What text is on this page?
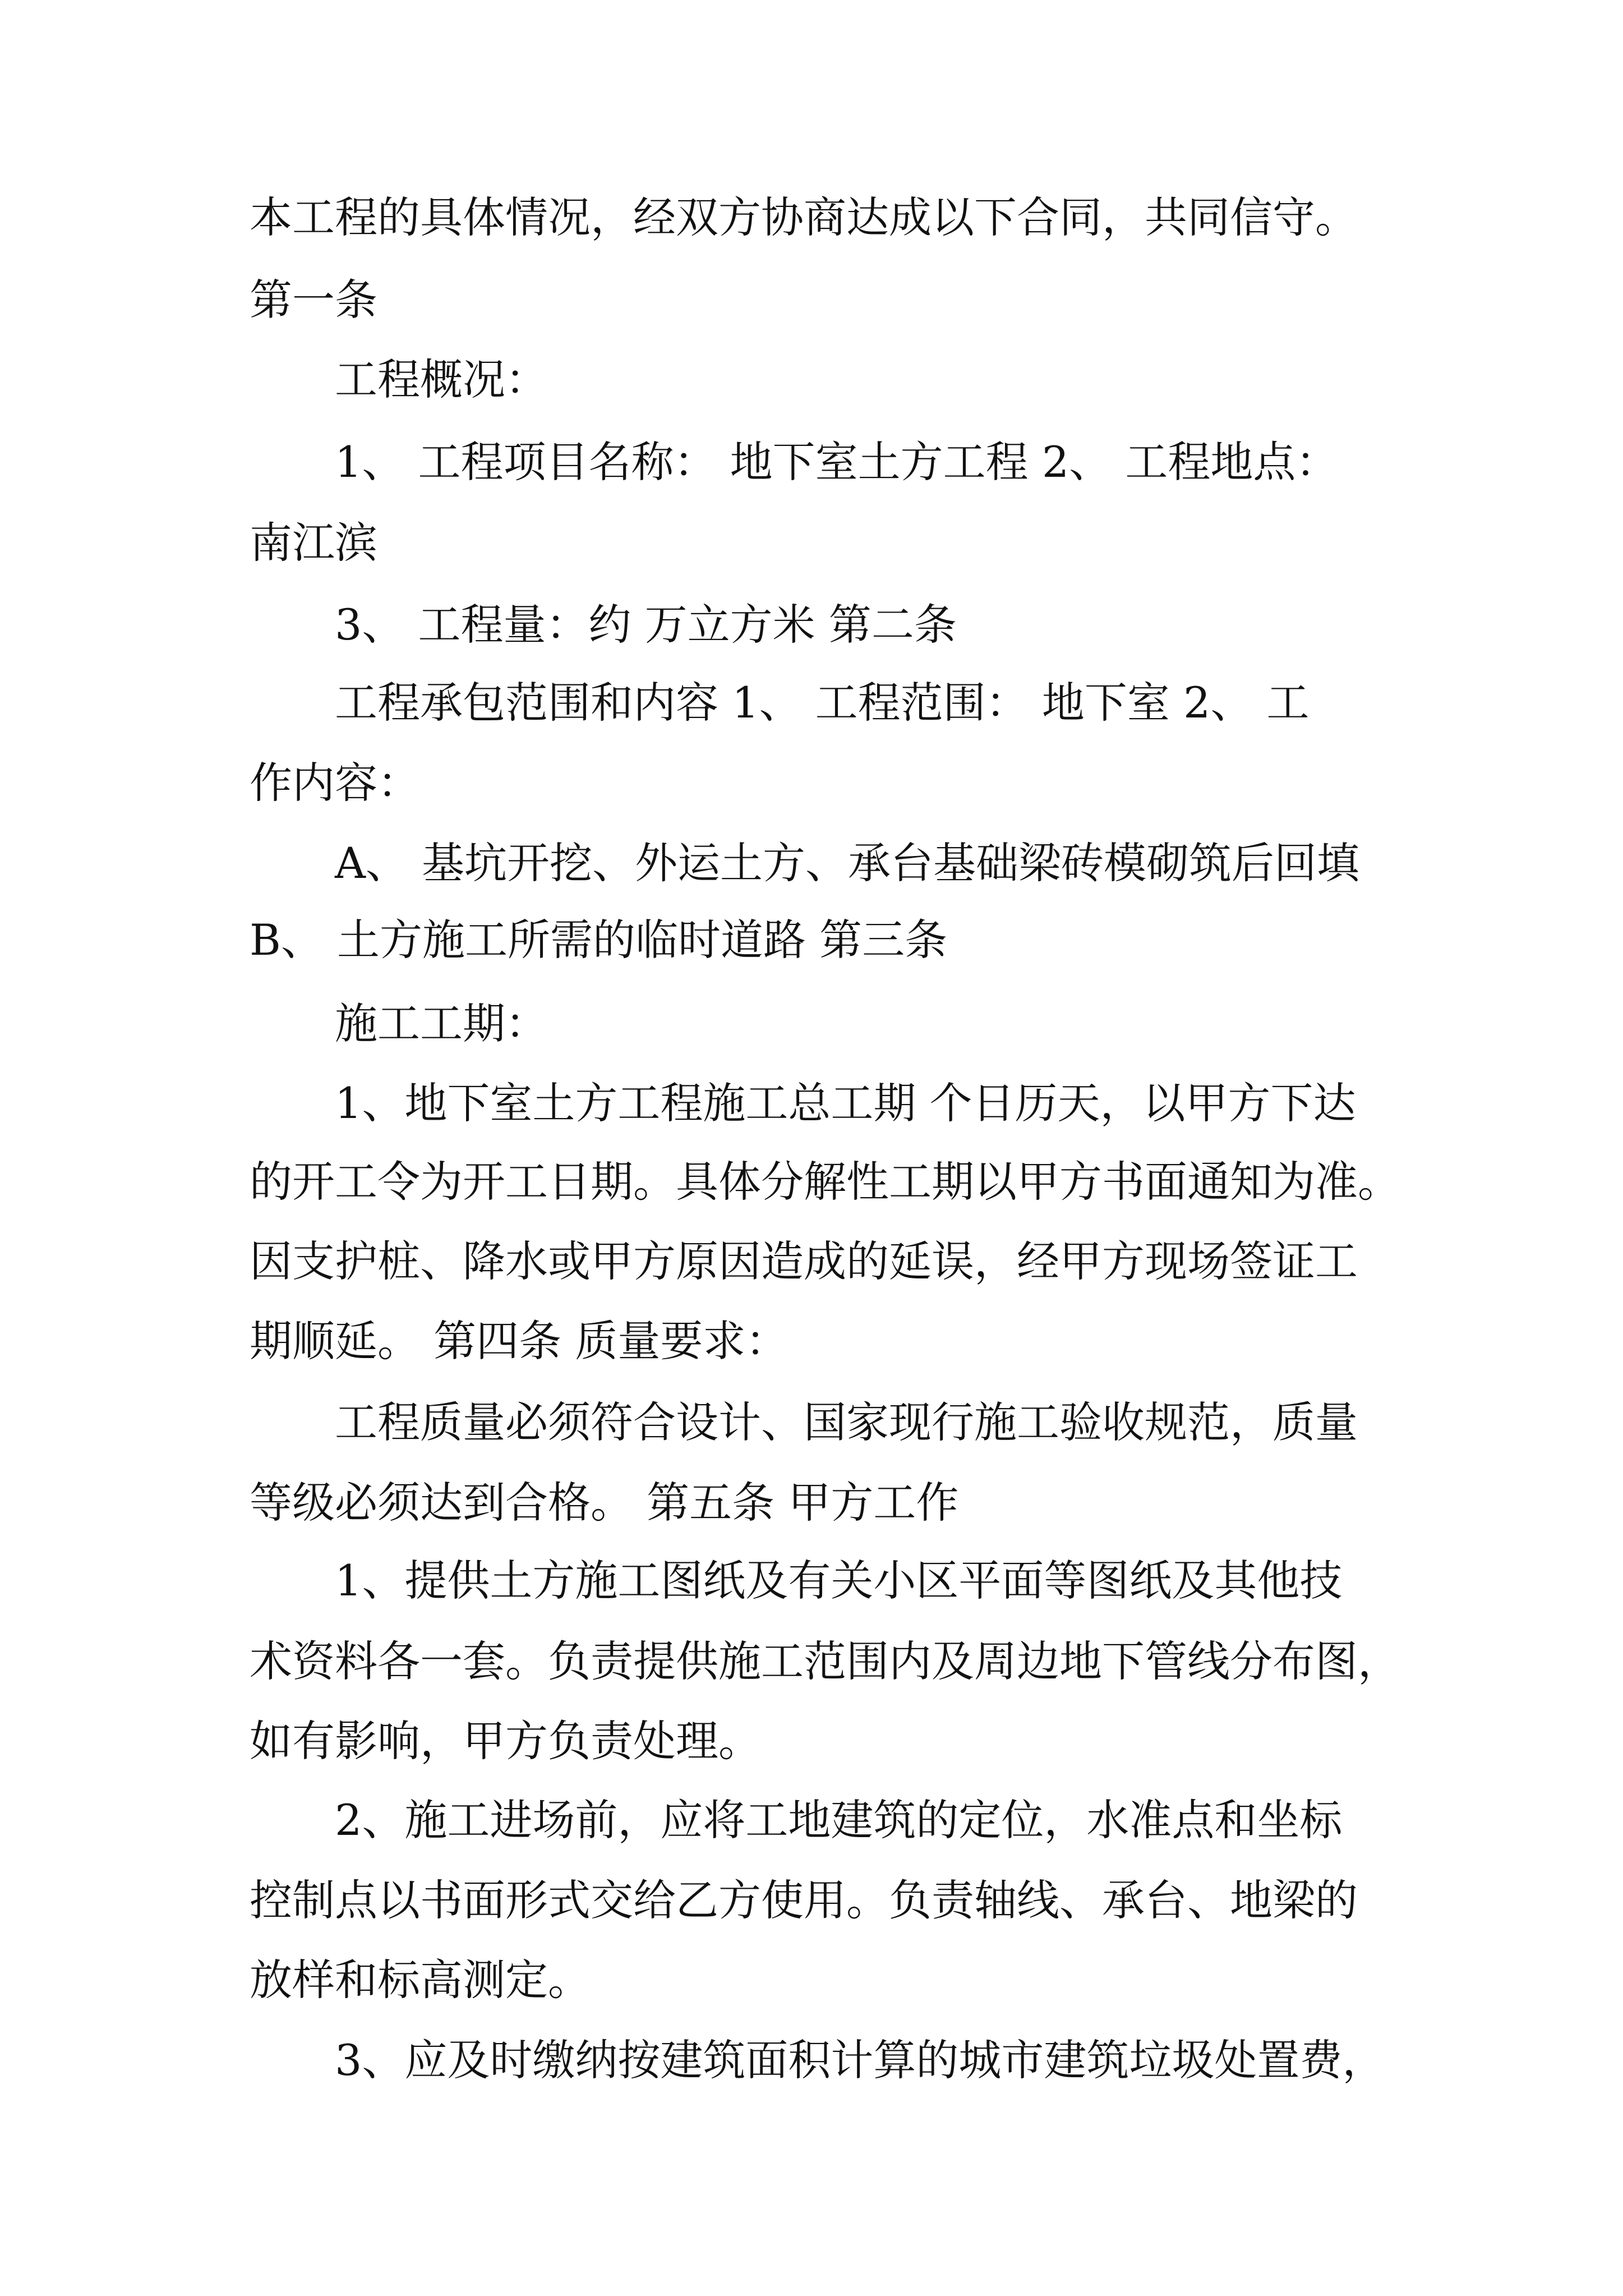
本工程的具体情况，经双方协商达成以下合同，共同信守。
第一条
工程概况：
1、 工程项目名称： 地下室土方工程 2、 工程地点：
南江滨
3、 工程量：约 万立方米 第二条
工程承包范围和内容 1、 工程范围： 地下室 2、 工
作内容：
A、 基坑开挖、外运土方、承台基础梁砖模砌筑后回填
B、 土方施工所需的临时道路 第三条
施工工期：
1、地下室土方工程施工总工期 个日历天，以甲方下达
的开工令为开工日期。具体分解性工期以甲方书面通知为准。
因支护桩、降水或甲方原因造成的延误，经甲方现场签证工
期顺延。 第四条 质量要求：
工程质量必须符合设计、国家现行施工验收规范，质量
等级必须达到合格。 第五条 甲方工作
1、提供土方施工图纸及有关小区平面等图纸及其他技
术资料各一套。负责提供施工范围内及周边地下管线分布图，
如有影响，甲方负责处理。
2、施工进场前，应将工地建筑的定位，水准点和坐标
控制点以书面形式交给乙方使用。负责轴线、承台、地梁的
放样和标高测定。
3、应及时缴纳按建筑面积计算的城市建筑垃圾处置费，
